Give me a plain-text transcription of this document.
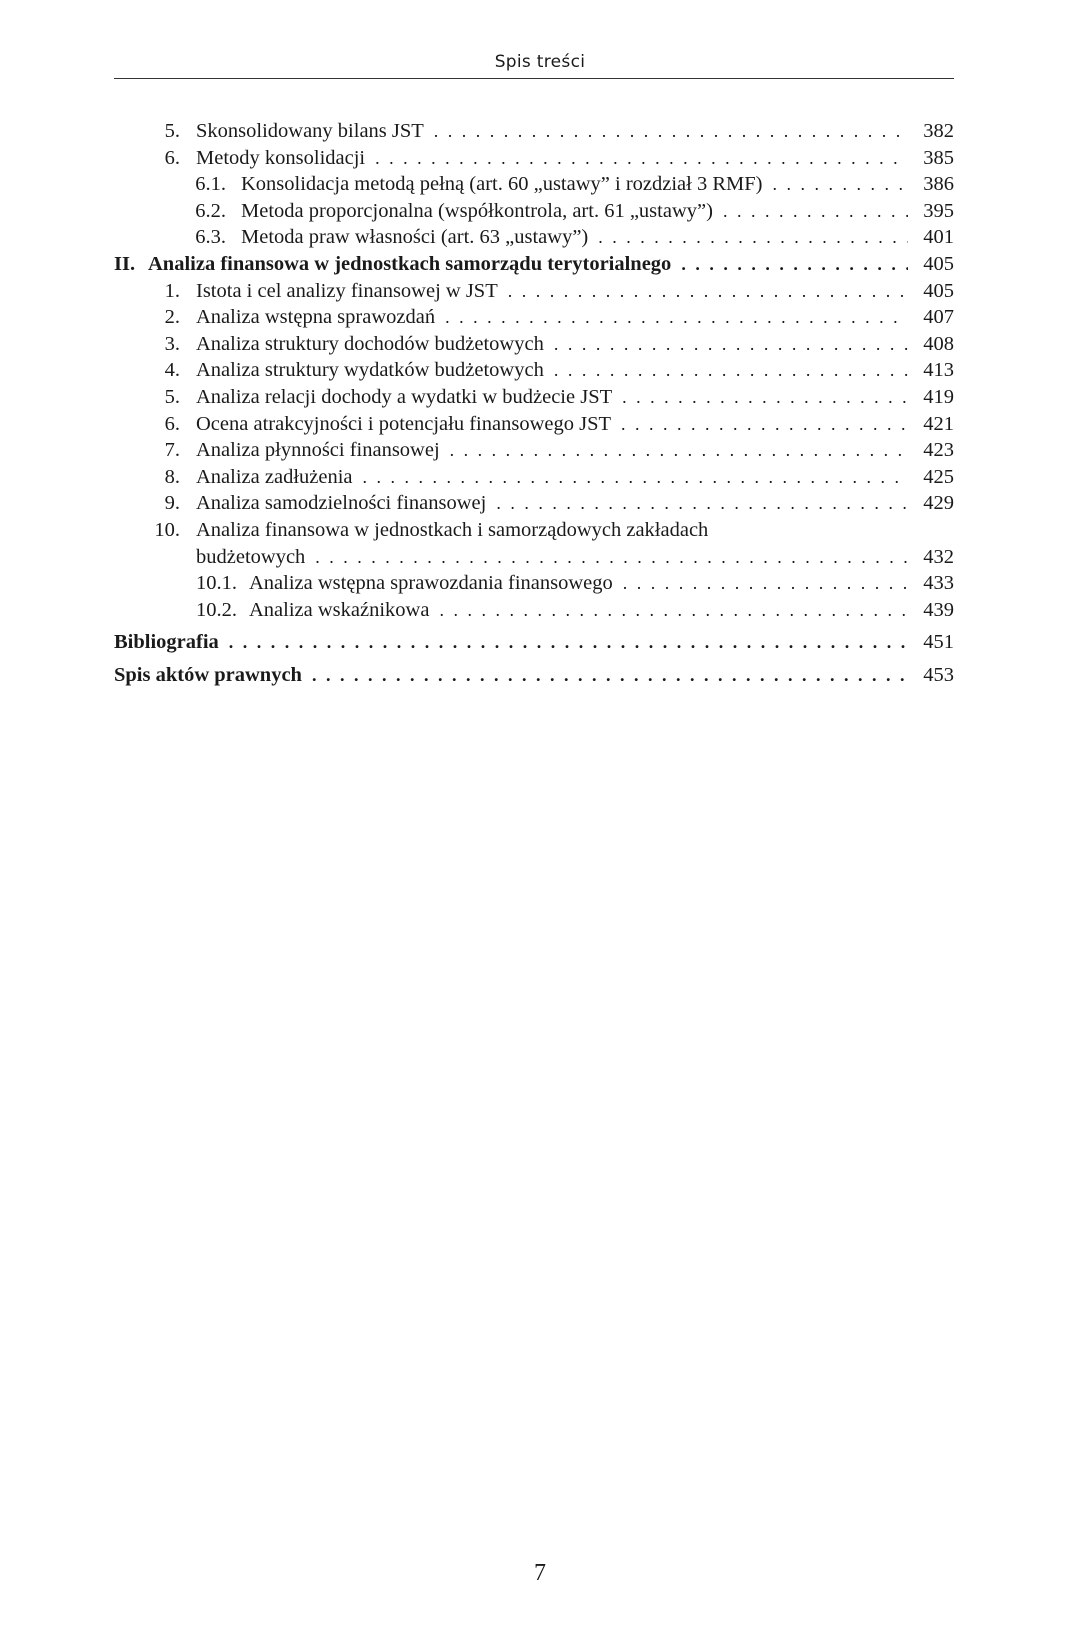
Spis treści
5. Skonsolidowany bilans JST . . .	382
6. Metody konsolidacji . . .	385
6.1. Konsolidacja metodą pełną (art. 60 „ustawy” i rozdział 3 RMF) . . .	386
6.2. Metoda proporcjonalna (współkontrola, art. 61 „ustawy”) . . .	395
6.3. Metoda praw własności (art. 63 „ustawy”) . . .	401
II. Analiza finansowa w jednostkach samorządu terytorialnego . . .	405
1. Istota i cel analizy finansowej w JST . . .	405
2. Analiza wstępna sprawozdań . . .	407
3. Analiza struktury dochodów budżetowych . . .	408
4. Analiza struktury wydatków budżetowych . . .	413
5. Analiza relacji dochody a wydatki w budżecie JST . . .	419
6. Ocena atrakcyjności i potencjału finansowego JST . . .	421
7. Analiza płynności finansowej . . .	423
8. Analiza zadłużenia . . .	425
9. Analiza samodzielności finansowej . . .	429
10. Analiza finansowa w jednostkach i samorządowych zakładach
budżetowych . . .	432
10.1. Analiza wstępna sprawozdania finansowego . . .	433
10.2. Analiza wskaźnikowa . . .	439
Bibliografia . . .	451
Spis aktów prawnych . . .	453
7
